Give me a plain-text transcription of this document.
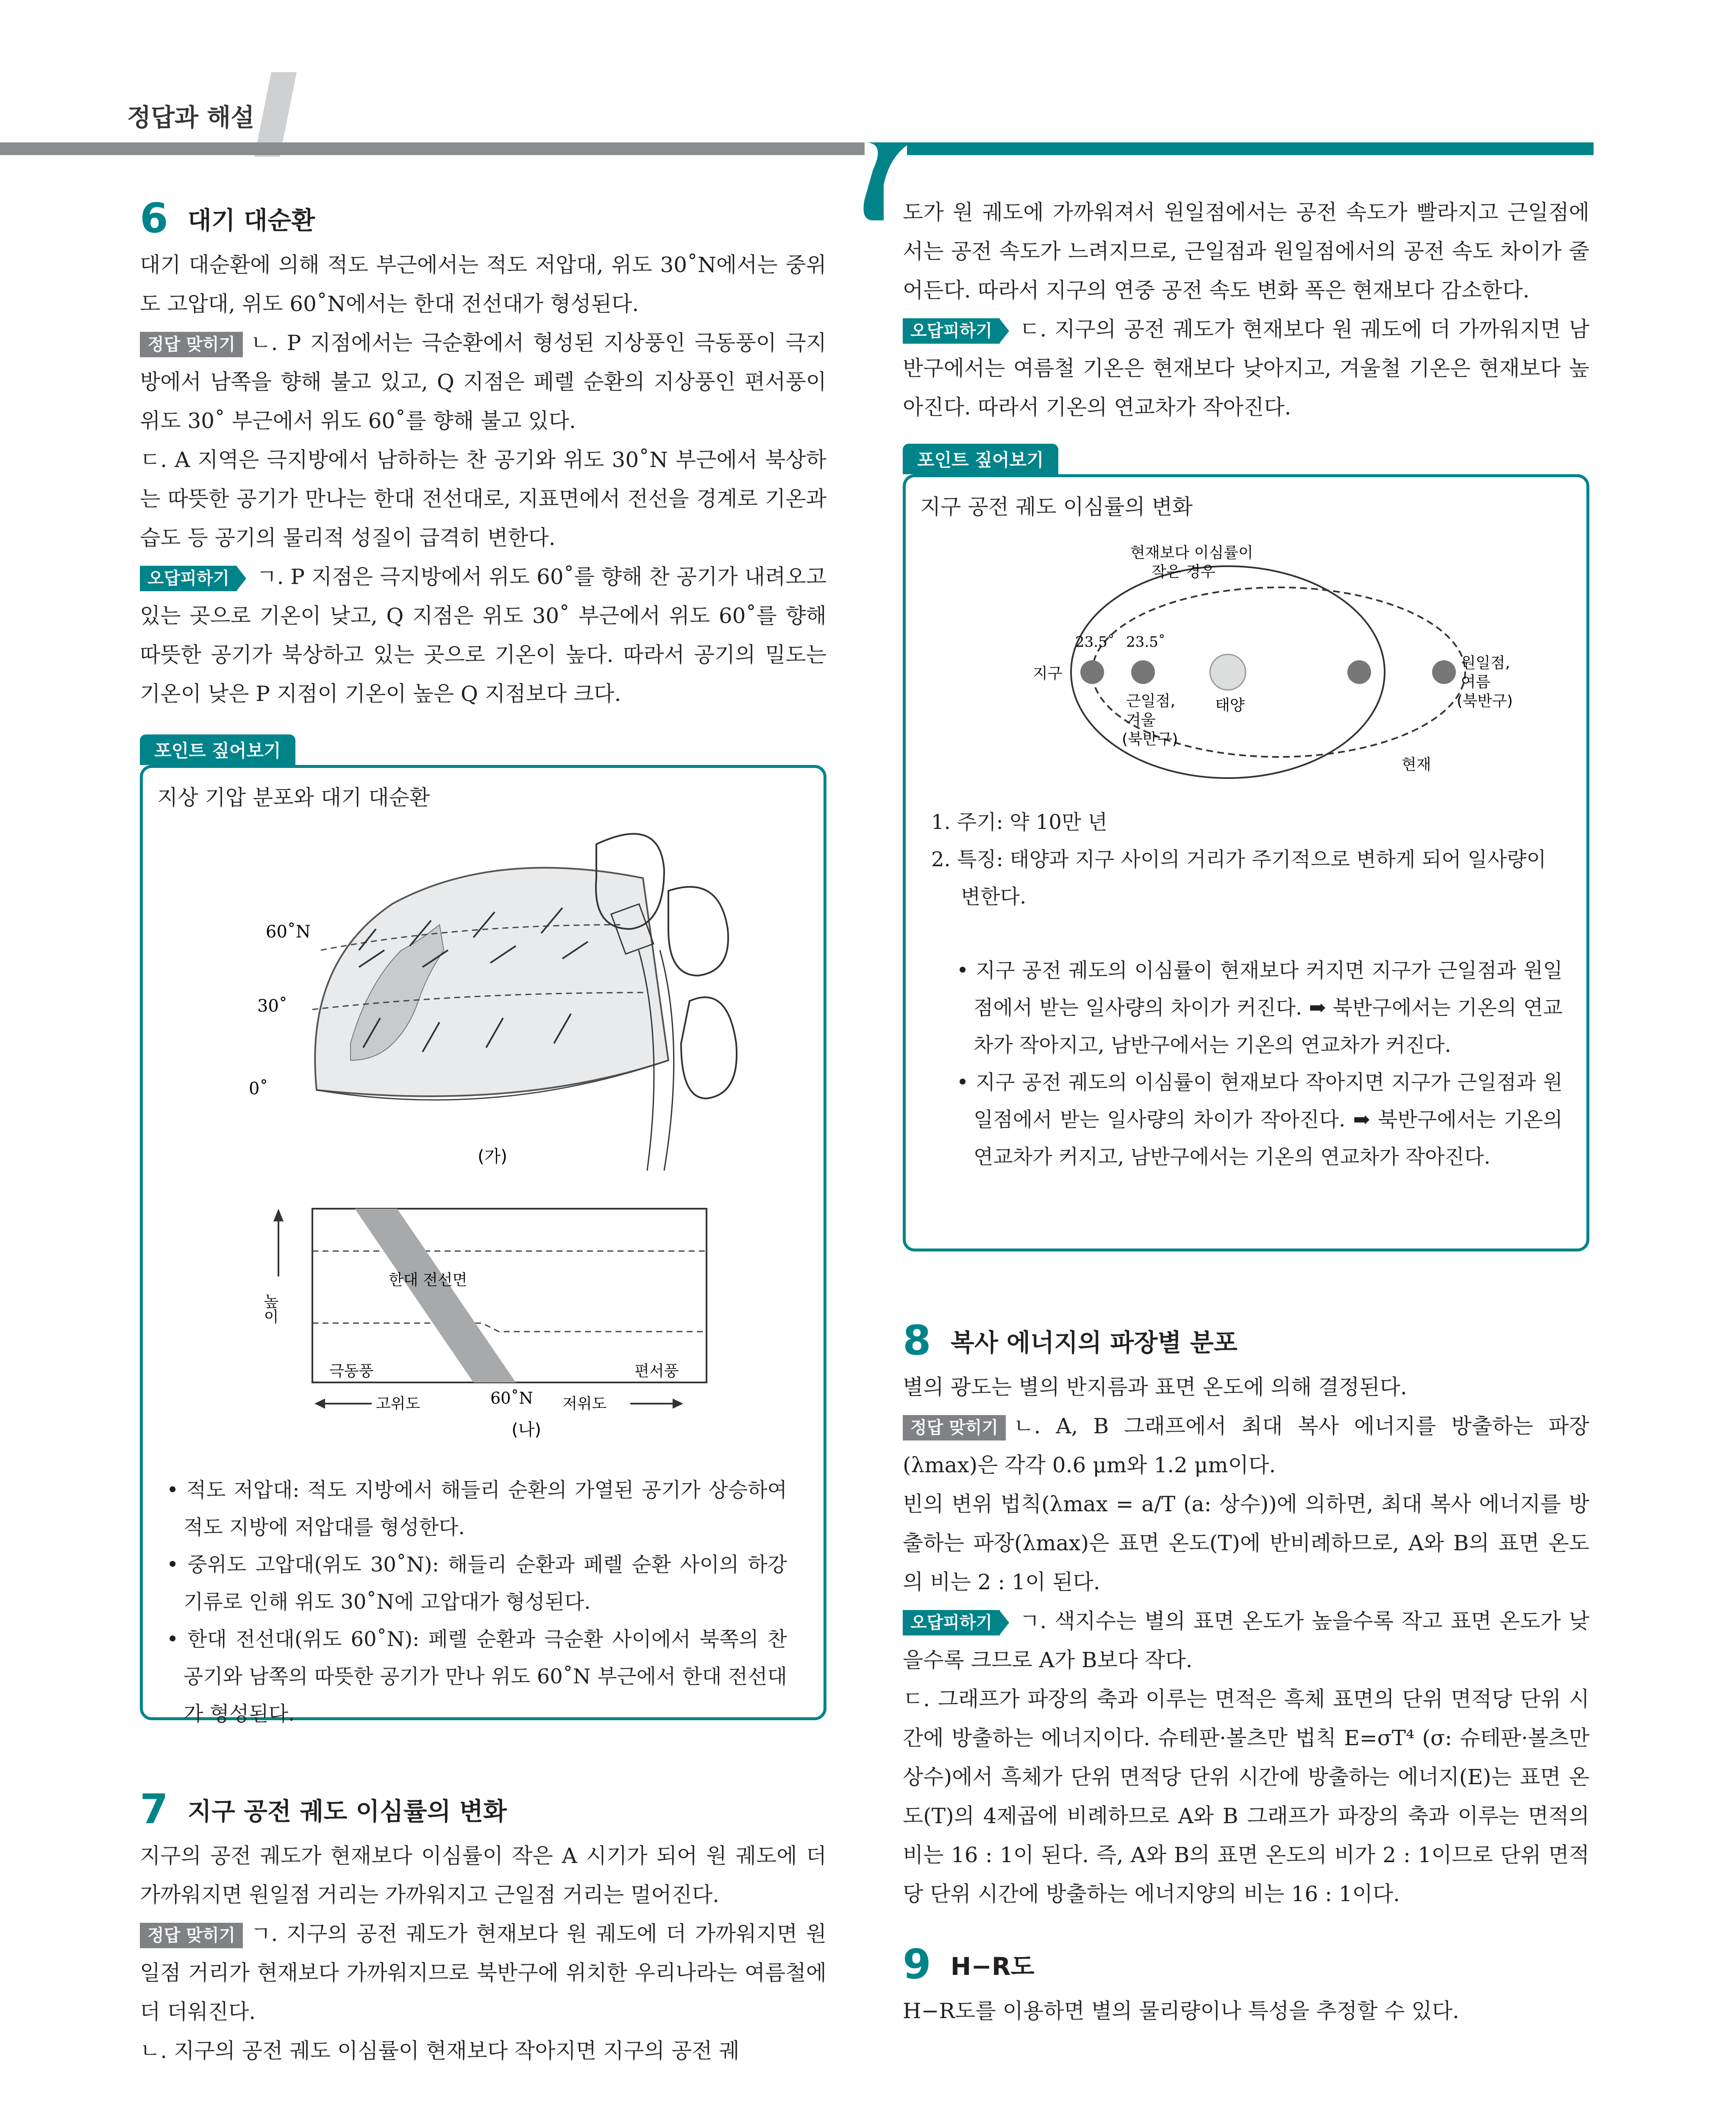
정답과 해설
6 대기 대순환

대기 대순환에 의해 적도 부근에서는 적도 저압대, 위도 30˚N에서는 중위도 고압대, 위도 60˚N에서는 한대 전선대가 형성된다.

정답 맞히기 ㄴ. P 지점에서는 극순환에서 형성된 지상풍인 극동풍이 극지방에서 남쪽을 향해 불고 있고, Q 지점은 페렐 순환의 지상풍인 편서풍이 위도 30˚ 부근에서 위도 60˚를 향해 불고 있다.

ㄷ. A 지역은 극지방에서 남하하는 찬 공기와 위도 30˚N 부근에서 북상하는 따뜻한 공기가 만나는 한대 전선대로, 지표면에서 전선을 경계로 기온과 습도 등 공기의 물리적 성질이 급격히 변한다.

오답피하기 ㄱ. P 지점은 극지방에서 위도 60˚를 향해 찬 공기가 내려오고 있는 곳으로 기온이 낮고, Q 지점은 위도 30˚ 부근에서 위도 60˚를 향해 따뜻한 공기가 북상하고 있는 곳으로 기온이 높다. 따라서 공기의 밀도는 기온이 낮은 P 지점이 기온이 높은 Q 지점보다 크다.

포인트 짚어보기
지상 기압 분포와 대기 대순환
60˚N
30˚
0˚
(가)
높이
한대 전선면
극동풍	편서풍
고위도	60˚N 저위도
(나)
• 적도 저압대: 적도 지방에서 해들리 순환의 가열된 공기가 상승하여 적도 지방에 저압대를 형성한다.
• 중위도 고압대(위도 30˚N): 해들리 순환과 페렐 순환 사이의 하강 기류로 인해 위도 30˚N에 고압대가 형성된다.
• 한대 전선대(위도 60˚N): 페렐 순환과 극순환 사이에서 북쪽의 찬 공기와 남쪽의 따뜻한 공기가 만나 위도 60˚N 부근에서 한대 전선대가 형성된다.
7 지구 공전 궤도 이심률의 변화

지구의 공전 궤도가 현재보다 이심률이 작은 A 시기가 되어 원 궤도에 더 가까워지면 원일점 거리는 가까워지고 근일점 거리는 멀어진다.

정답 맞히기 ㄱ. 지구의 공전 궤도가 현재보다 원 궤도에 더 가까워지면 원일점 거리가 현재보다 가까워지므로 북반구에 위치한 우리나라는 여름철에 더 더워진다.

ㄴ. 지구의 공전 궤도 이심률이 현재보다 작아지면 지구의 공전 궤

도가 원 궤도에 가까워져서 원일점에서는 공전 속도가 빨라지고 근일점에서는 공전 속도가 느려지므로, 근일점과 원일점에서의 공전 속도 차이가 줄어든다. 따라서 지구의 연중 공전 속도 변화 폭은 현재보다 감소한다.

오답피하기 ㄷ. 지구의 공전 궤도가 현재보다 원 궤도에 더 가까워지면 남반구에서는 여름철 기온은 현재보다 낮아지고, 겨울철 기온은 현재보다 높아진다. 따라서 기온의 연교차가 작아진다.

포인트 짚어보기
지구 공전 궤도 이심률의 변화
현재보다 이심률이
작은 경우
23.5˚ 23.5˚
지구
근일점,
겨울
(북반구)
태양
원일점,
여름
(북반구)
현재
1. 주기: 약 10만 년
2. 특징: 태양과 지구 사이의 거리가 주기적으로 변하게 되어 일사량이 변한다.
• 지구 공전 궤도의 이심률이 현재보다 커지면 지구가 근일점과 원일점에서 받는 일사량의 차이가 커진다. ➡ 북반구에서는 기온의 연교차가 작아지고, 남반구에서는 기온의 연교차가 커진다.
• 지구 공전 궤도의 이심률이 현재보다 작아지면 지구가 근일점과 원일점에서 받는 일사량의 차이가 작아진다. ➡ 북반구에서는 기온의 연교차가 커지고, 남반구에서는 기온의 연교차가 작아진다.
8 복사 에너지의 파장별 분포

별의 광도는 별의 반지름과 표면 온도에 의해 결정된다.

정답 맞히기 ㄴ. A, B 그래프에서 최대 복사 에너지를 방출하는 파장(λmax)은 각각 0.6 μm와 1.2 μm이다.

빈의 변위 법칙(λmax = a/T (a: 상수))에 의하면, 최대 복사 에너지를 방출하는 파장(λmax)은 표면 온도(T)에 반비례하므로, A와 B의 표면 온도의 비는 2 : 1이 된다.

오답피하기 ㄱ. 색지수는 별의 표면 온도가 높을수록 작고 표면 온도가 낮을수록 크므로 A가 B보다 작다.

ㄷ. 그래프가 파장의 축과 이루는 면적은 흑체 표면의 단위 면적당 단위 시간에 방출하는 에너지이다. 슈테판·볼츠만 법칙 E=σT⁴ (σ: 슈테판·볼츠만 상수)에서 흑체가 단위 면적당 단위 시간에 방출하는 에너지(E)는 표면 온도(T)의 4제곱에 비례하므로 A와 B 그래프가 파장의 축과 이루는 면적의 비는 16 : 1이 된다. 즉, A와 B의 표면 온도의 비가 2 : 1이므로 단위 면적당 단위 시간에 방출하는 에너지양의 비는 16 : 1이다.

9 H−R도

H−R도를 이용하면 별의 물리량이나 특성을 추정할 수 있다.
